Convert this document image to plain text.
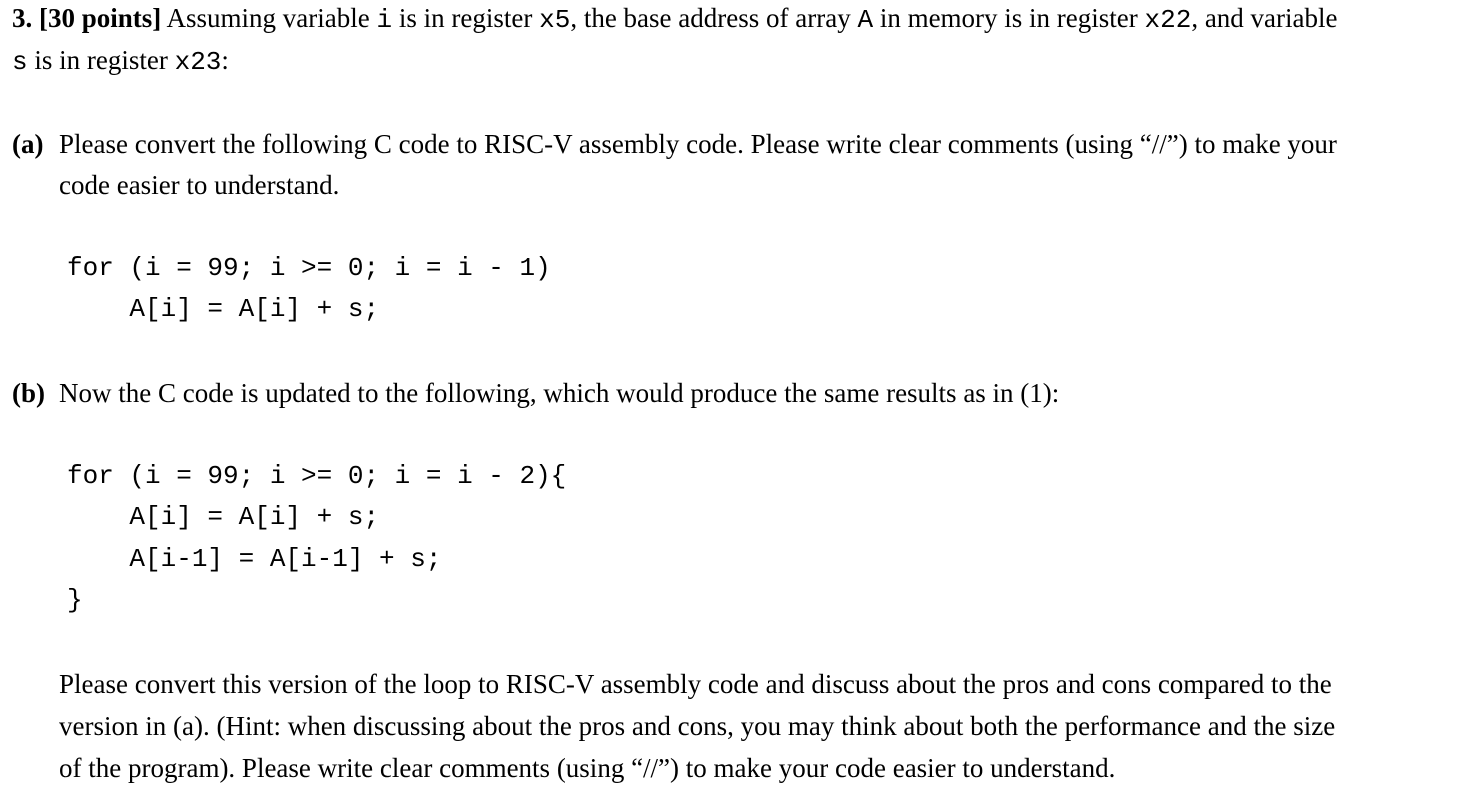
3. [30 points] Assuming variable i is in register x5, the base address of array A in memory is in register x22, and variable
s is in register x23:
(a) Please convert the following C code to RISC-V assembly code. Please write clear comments (using “//”) to make your
code easier to understand.
for (i = 99; i >= 0; i = i - 1)
A[i] = A[i] + s;
(b) Now the C code is updated to the following, which would produce the same results as in (1):
for (i = 99; i >= 0; i = i - 2){
A[i] = A[i] + s;
A[i-1] = A[i-1] + s;
}
Please convert this version of the loop to RISC-V assembly code and discuss about the pros and cons compared to the
version in (a). (Hint: when discussing about the pros and cons, you may think about both the performance and the size
of the program). Please write clear comments (using “//”) to make your code easier to understand.
